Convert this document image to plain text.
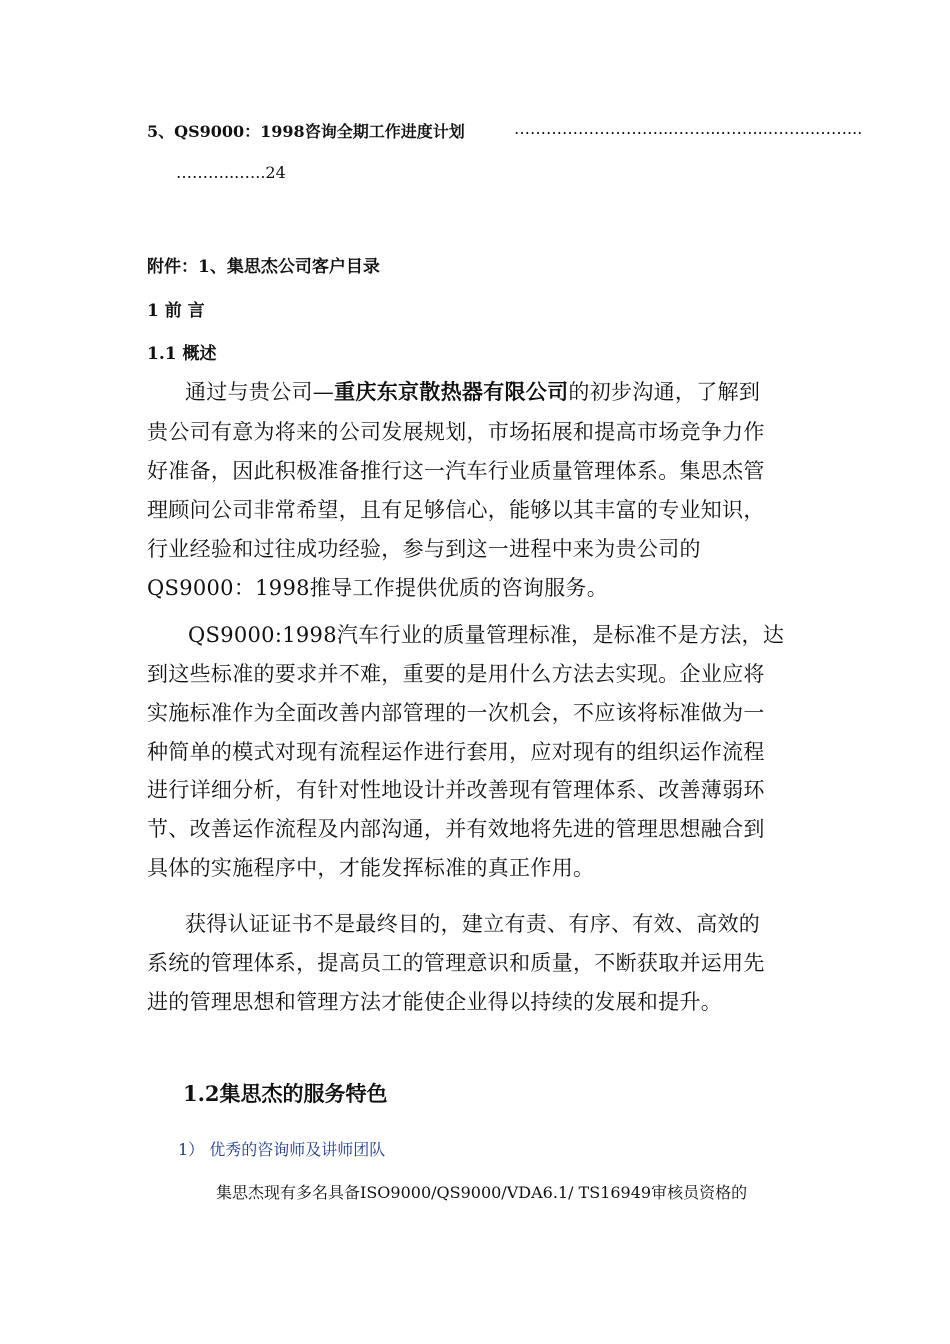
5、QS9000：1998咨询全期工作进度计划	………………………...……...……...……...……...
………...…..24
附件：1、集思杰公司客户目录
1 前 言
1.1 概述
通过与贵公司—重庆东京散热器有限公司的初步沟通，了解到
贵公司有意为将来的公司发展规划，市场拓展和提高市场竞争力作
好准备，因此积极准备推行这一汽车行业质量管理体系。集思杰管
理顾问公司非常希望，且有足够信心，能够以其丰富的专业知识，
行业经验和过往成功经验，参与到这一进程中来为贵公司的
QS9000：1998推导工作提供优质的咨询服务。
QS9000:1998汽车行业的质量管理标准，是标准不是方法，达
到这些标准的要求并不难，重要的是用什么方法去实现。企业应将
实施标准作为全面改善内部管理的一次机会，不应该将标准做为一
种简单的模式对现有流程运作进行套用，应对现有的组织运作流程
进行详细分析，有针对性地设计并改善现有管理体系、改善薄弱环
节、改善运作流程及内部沟通，并有效地将先进的管理思想融合到
具体的实施程序中，才能发挥标准的真正作用。
获得认证证书不是最终目的，建立有责、有序、有效、高效的
系统的管理体系，提高员工的管理意识和质量，不断获取并运用先
进的管理思想和管理方法才能使企业得以持续的发展和提升。
1.2集思杰的服务特色
1） 优秀的咨询师及讲师团队
集思杰现有多名具备ISO9000/QS9000/VDA6.1/ TS16949审核员资格的
